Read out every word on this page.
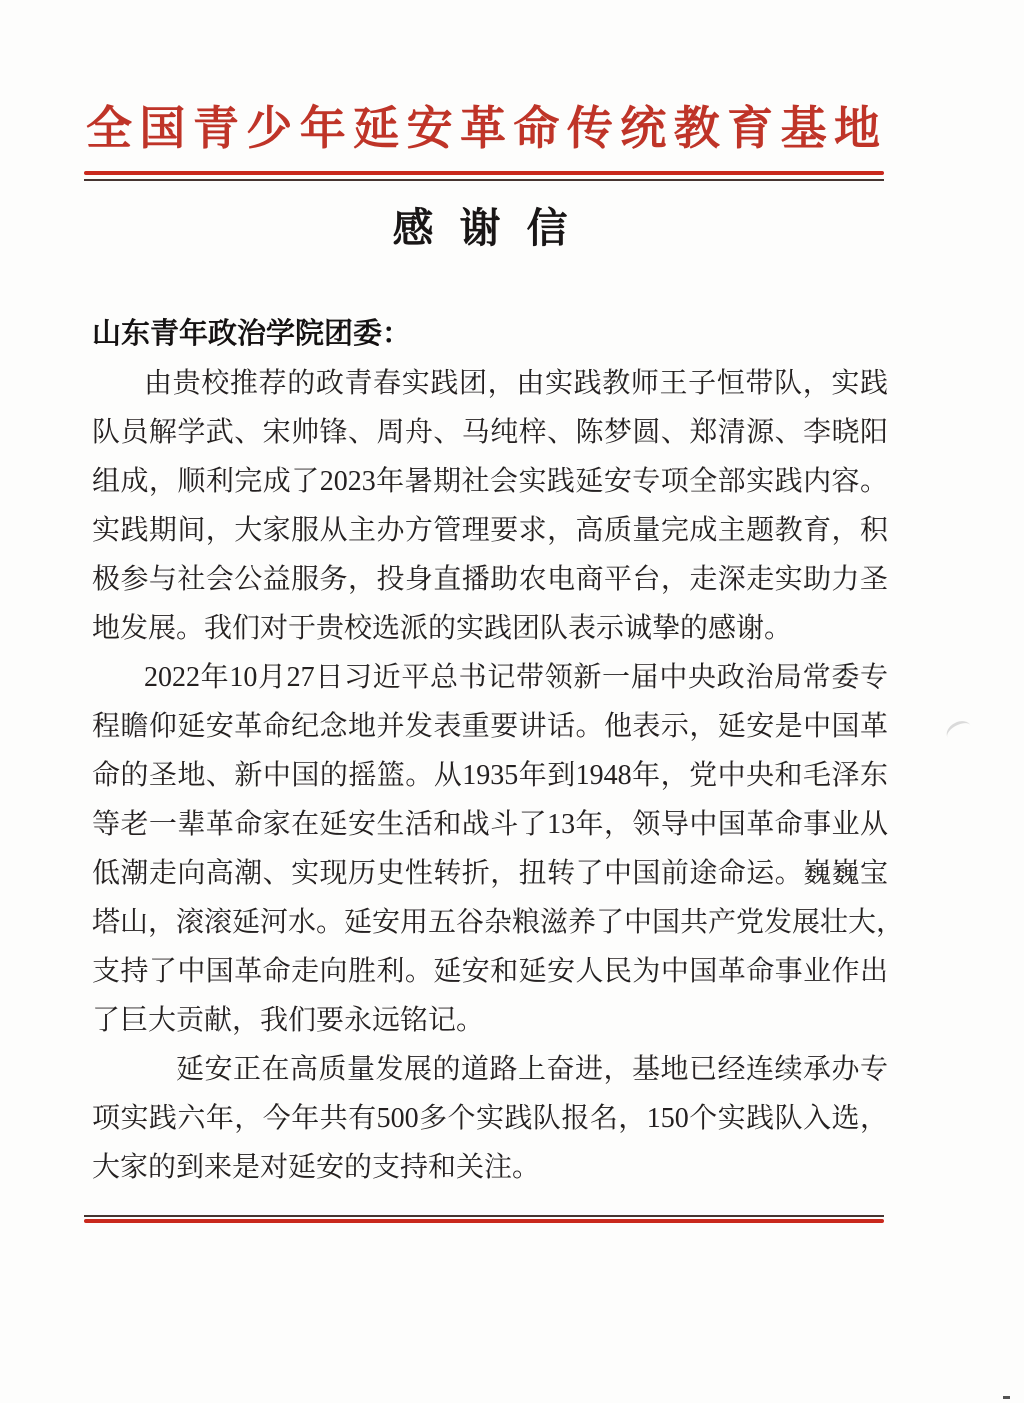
全国青少年延安革命传统教育基地
感谢信
山东青年政治学院团委：
由贵校推荐的政青春实践团，由实践教师王子恒带队，实践
队员解学武、宋帅锋、周舟、马纯梓、陈梦圆、郑清源、李晓阳
组成，顺利完成了2023年暑期社会实践延安专项全部实践内容。
实践期间，大家服从主办方管理要求，高质量完成主题教育，积
极参与社会公益服务，投身直播助农电商平台，走深走实助力圣
地发展。我们对于贵校选派的实践团队表示诚挚的感谢。
2022年10月27日习近平总书记带领新一届中央政治局常委专
程瞻仰延安革命纪念地并发表重要讲话。他表示，延安是中国革
命的圣地、新中国的摇篮。从1935年到1948年，党中央和毛泽东
等老一辈革命家在延安生活和战斗了13年，领导中国革命事业从
低潮走向高潮、实现历史性转折，扭转了中国前途命运。巍巍宝
塔山，滚滚延河水。延安用五谷杂粮滋养了中国共产党发展壮大，
支持了中国革命走向胜利。延安和延安人民为中国革命事业作出
了巨大贡献，我们要永远铭记。
延安正在高质量发展的道路上奋进，基地已经连续承办专
项实践六年，今年共有500多个实践队报名，150个实践队入选，
大家的到来是对延安的支持和关注。
